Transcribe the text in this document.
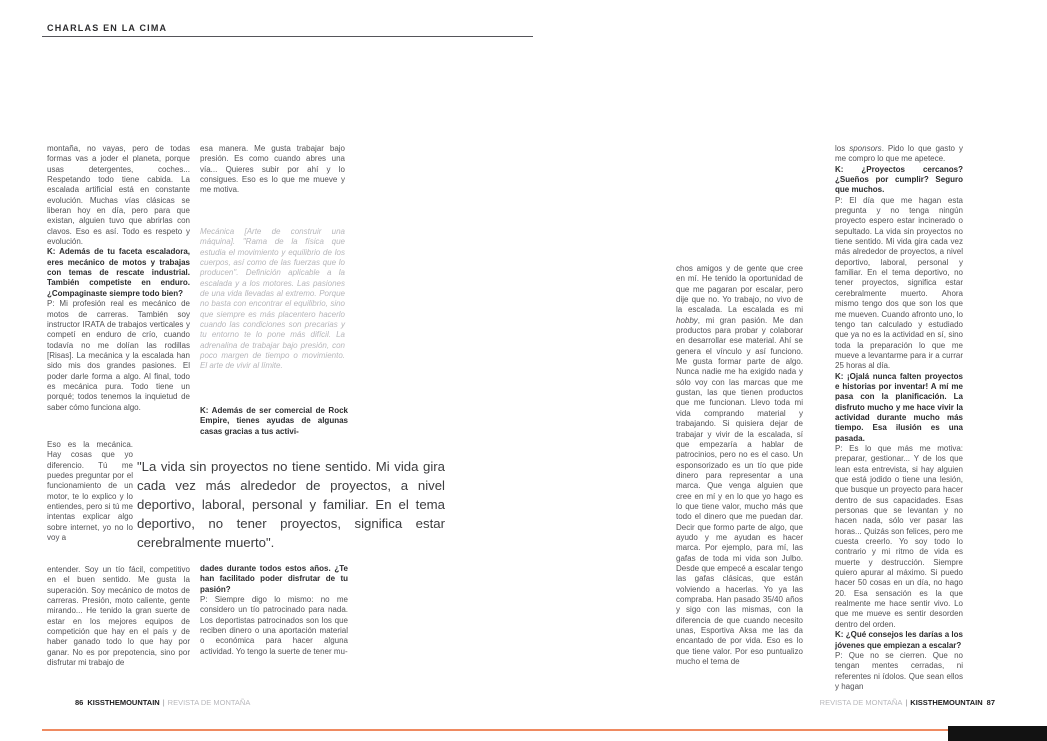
CHARLAS EN LA CIMA
montaña, no vayas, pero de todas formas vas a joder el planeta, porque usas detergentes, coches... Respetando todo tiene cabida. La escalada artificial está en constante evolución. Muchas vías clásicas se liberan hoy en día, pero para que existan, alguien tuvo que abrirlas con clavos. Eso es así. Todo es respeto y evolución.
K: Además de tu faceta escaladora, eres mecánico de motos y trabajas con temas de rescate industrial. También competiste en enduro. ¿Compaginaste siempre todo bien?
P: Mi profesión real es mecánico de motos de carreras. También soy instructor IRATA de trabajos verticales y competí en enduro de crío, cuando todavía no me dolían las rodillas [Risas]. La mecánica y la escalada han sido mis dos grandes pasiones. El poder darle forma a algo. Al final, todo es mecánica pura. Todo tiene un porqué; todos tenemos la inquietud de saber cómo funciona algo.
Eso es la mecánica. Hay cosas que yo diferencio. Tú me puedes preguntar por el funcionamiento de un motor, te lo explico y lo entiendes, pero si tú me intentas explicar algo sobre internet, yo no lo voy a
entender. Soy un tío fácil, competitivo en el buen sentido. Me gusta la superación. Soy mecánico de motos de carreras. Presión, moto caliente, gente mirando... He tenido la gran suerte de estar en los mejores equipos de competición que hay en el país y de haber ganado todo lo que hay por ganar. No es por prepotencia, sino por disfrutar mi trabajo de
esa manera. Me gusta trabajar bajo presión. Es como cuando abres una vía... Quieres subir por ahí y lo consigues. Eso es lo que me mueve y me motiva.
Mecánica [Arte de construir una máquina]. "Rama de la física que estudia el movimiento y equilibrio de los cuerpos, así como de las fuerzas que lo producen". Definición aplicable a la escalada y a los motores. Las pasiones de una vida llevadas al extremo. Porque no basta con encontrar el equilibrio, sino que siempre es más placentero hacerlo cuando las condiciones son precarias y tu entorno te lo pone más difícil. La adrenalina de trabajar bajo presión, con poco margen de tiempo o movimiento. El arte de vivir al límite.
K: Además de ser comercial de Rock Empire, tienes ayudas de algunas casas gracias a tus activi-
"La vida sin proyectos no tiene sentido. Mi vida gira cada vez más alrededor de proyectos, a nivel deportivo, laboral, personal y familiar. En el tema deportivo, no tener proyectos, significa estar cerebralmente muerto".
dades durante todos estos años. ¿Te han facilitado poder disfrutar de tu pasión?
P: Siempre digo lo mismo: no me considero un tío patrocinado para nada. Los deportistas patrocinados son los que reciben dinero o una aportación material o económica para hacer alguna actividad. Yo tengo la suerte de tener mu-
chos amigos y de gente que cree en mí. He tenido la oportunidad de que me pagaran por escalar, pero dije que no. Yo trabajo, no vivo de la escalada. La escalada es mi hobby, mi gran pasión. Me dan productos para probar y colaborar en desarrollar ese material. Ahí se genera el vínculo y así funciono. Me gusta formar parte de algo. Nunca nadie me ha exigido nada y sólo voy con las marcas que me gustan, las que tienen productos que me funcionan. Llevo toda mi vida comprando material y trabajando. Si quisiera dejar de trabajar y vivir de la escalada, sí que empezaría a hablar de patrocinios, pero no es el caso. Un esponsorizado es un tío que pide dinero para representar a una marca. Que venga alguien que cree en mí y en lo que yo hago es lo que tiene valor, mucho más que todo el dinero que me puedan dar. Decir que formo parte de algo, que ayudo y me ayudan es hacer marca. Por ejemplo, para mí, las gafas de toda mi vida son Julbo. Desde que empecé a escalar tengo las gafas clásicas, que están volviendo a hacerlas. Yo ya las compraba. Han pasado 35/40 años y sigo con las mismas, con la diferencia de que cuando necesito unas, Esportiva Aksa me las da encantado de por vida. Eso es lo que tiene valor. Por eso puntualizo mucho el tema de
los sponsors. Pido lo que gasto y me compro lo que me apetece.
K: ¿Proyectos cercanos? ¿Sueños por cumplir? Seguro que muchos.
P: El día que me hagan esta pregunta y no tenga ningún proyecto espero estar incinerado o sepultado. La vida sin proyectos no tiene sentido. Mi vida gira cada vez más alrededor de proyectos, a nivel deportivo, laboral, personal y familiar. En el tema deportivo, no tener proyectos, significa estar cerebralmente muerto. Ahora mismo tengo dos que son los que me mueven. Cuando afronto uno, lo tengo tan calculado y estudiado que ya no es la actividad en sí, sino toda la preparación lo que me mueve a levantarme para ir a currar 25 horas al día.
K: ¡Ojalá nunca falten proyectos e historias por inventar! A mí me pasa con la planificación. La disfruto mucho y me hace vivir la actividad durante mucho más tiempo. Esa ilusión es una pasada.
P: Es lo que más me motiva: preparar, gestionar... Y de los que lean esta entrevista, si hay alguien que está jodido o tiene una lesión, que busque un proyecto para hacer dentro de sus capacidades. Esas personas que se levantan y no hacen nada, sólo ver pasar las horas... Quizás son felices, pero me cuesta creerlo. Yo soy todo lo contrario y mi ritmo de vida es muerte y destrucción. Siempre quiero apurar al máximo. Si puedo hacer 50 cosas en un día, no hago 20. Esa sensación es la que realmente me hace sentir vivo. Lo que me mueve es sentir desorden dentro del orden.
K: ¿Qué consejos les darías a los jóvenes que empiezan a escalar?
P: Que no se cierren. Que no tengan mentes cerradas, ni referentes ni ídolos. Que sean ellos y hagan
86 KISSTHEMOUNTAIN | REVISTA DE MONTAÑA	REVISTA DE MONTAÑA | KISSTHEMOUNTAIN 87
